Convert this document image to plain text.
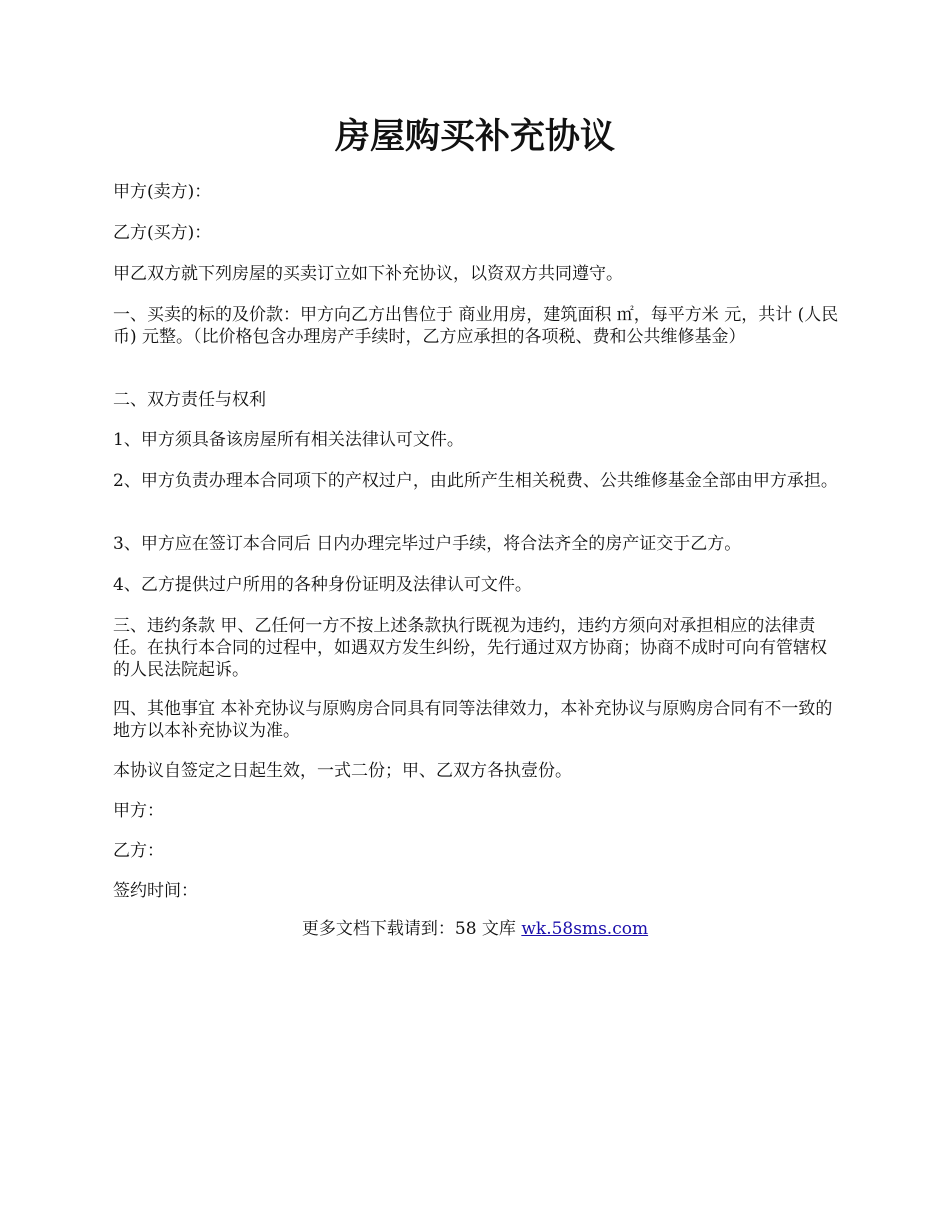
房屋购买补充协议

甲方(卖方)：

乙方(买方)：

甲乙双方就下列房屋的买卖订立如下补充协议，以资双方共同遵守。

一、买卖的标的及价款：甲方向乙方出售位于 商业用房，建筑面积 ㎡，每平方米 元，共计 (人民币) 元整。（比价格包含办理房产手续时，乙方应承担的各项税、费和公共维修基金）

二、双方责任与权利

1、甲方须具备该房屋所有相关法律认可文件。

2、甲方负责办理本合同项下的产权过户，由此所产生相关税费、公共维修基金全部由甲方承担。

3、甲方应在签订本合同后 日内办理完毕过户手续，将合法齐全的房产证交于乙方。

4、乙方提供过户所用的各种身份证明及法律认可文件。

三、违约条款 甲、乙任何一方不按上述条款执行既视为违约，违约方须向对承担相应的法律责任。在执行本合同的过程中，如遇双方发生纠纷，先行通过双方协商；协商不成时可向有管辖权的人民法院起诉。

四、其他事宜 本补充协议与原购房合同具有同等法律效力，本补充协议与原购房合同有不一致的地方以本补充协议为准。

本协议自签定之日起生效，一式二份；甲、乙双方各执壹份。

甲方：

乙方：

签约时间：

更多文档下载请到：58 文库 wk.58sms.com
